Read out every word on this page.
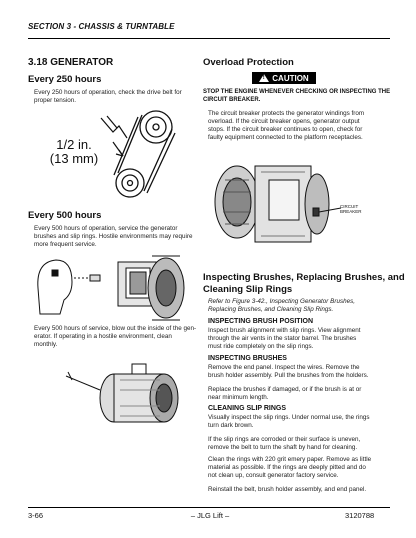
SECTION 3 - CHASSIS & TURNTABLE
3.18 GENERATOR
Every 250 hours
Every 250 hours of operation, check the drive belt for
proper tension.
1/2 in.
(13 mm)
Every 500 hours
Every 500 hours of operation, service the generator
brushes and slip rings. Hostile environments may require
more frequent service.
Every 500 hours of service, blow out the inside of the gen-
erator. If operating in a hostile environment, clean
monthly.
Overload Protection
! CAUTION
STOP THE ENGINE WHENEVER CHECKING OR INSPECTING THE
CIRCUIT BREAKER.
The circuit breaker protects the generator windings from
overload. If the circuit breaker opens, generator output
stops. If the circuit breaker continues to open, check for
faulty equipment connected to the platform receptacles.
CIRCUIT
BREAKER
Inspecting Brushes, Replacing Brushes, and
Cleaning Slip Rings
Refer to Figure 3-42., Inspecting Generator Brushes,
Replacing Brushes, and Cleaning Slip Rings.
INSPECTING BRUSH POSITION
Inspect brush alignment with slip rings. View alignment
through the air vents in the stator barrel. The brushes
must ride completely on the slip rings.
INSPECTING BRUSHES
Remove the end panel. Inspect the wires. Remove the
brush holder assembly. Pull the brushes from the holders.
Replace the brushes if damaged, or if the brush is at or
near minimum length.
CLEANING SLIP RINGS
Visually inspect the slip rings. Under normal use, the rings
turn dark brown.
If the slip rings are corroded or their surface is uneven,
remove the belt to turn the shaft by hand for cleaning.
Clean the rings with 220 grit emery paper. Remove as little
material as possible. If the rings are deeply pitted and do
not clean up, consult generator factory service.
Reinstall the belt, brush holder assembly, and end panel.
3-66	– JLG Lift –	3120788
